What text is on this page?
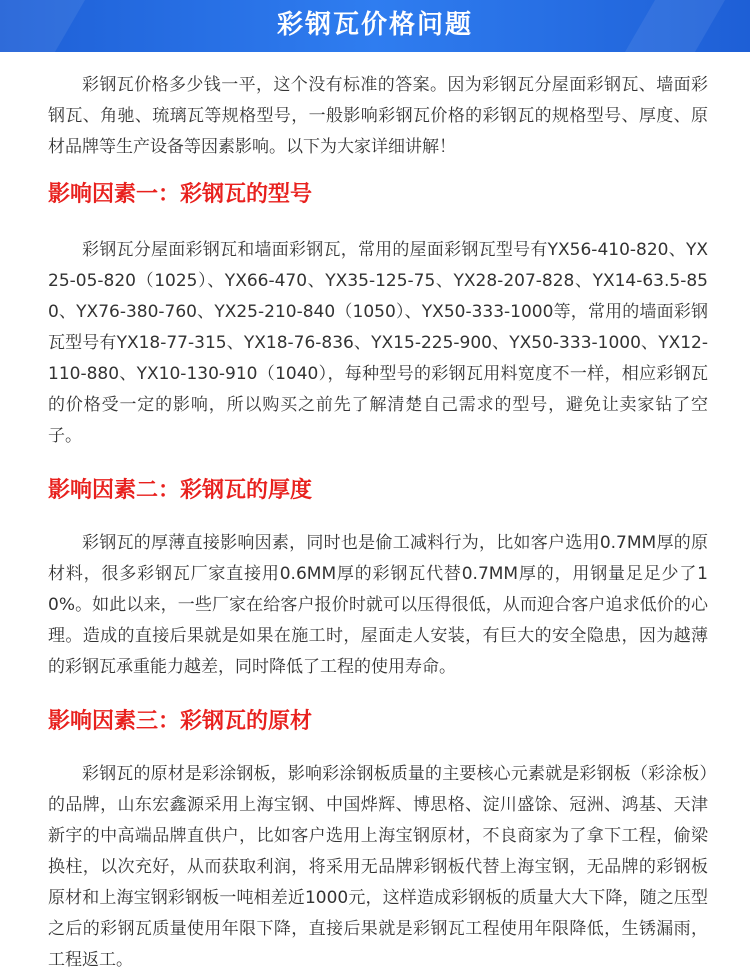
彩钢瓦价格问题

彩钢瓦价格多少钱一平，这个没有标准的答案。因为彩钢瓦分屋面彩钢瓦、墙面彩钢瓦、角驰、琉璃瓦等规格型号，一般影响彩钢瓦价格的彩钢瓦的规格型号、厚度、原材品牌等生产设备等因素影响。以下为大家详细讲解！

影响因素一：彩钢瓦的型号

彩钢瓦分屋面彩钢瓦和墙面彩钢瓦，常用的屋面彩钢瓦型号有YX56-410-820、YX25-05-820（1025）、YX66-470、YX35-125-75、YX28-207-828、YX14-63.5-850、YX76-380-760、YX25-210-840（1050）、YX50-333-1000等，常用的墙面彩钢瓦型号有YX18-77-315、YX18-76-836、YX15-225-900、YX50-333-1000、YX12-110-880、YX10-130-910（1040），每种型号的彩钢瓦用料宽度不一样，相应彩钢瓦的价格受一定的影响，所以购买之前先了解清楚自己需求的型号，避免让卖家钻了空子。

影响因素二：彩钢瓦的厚度

彩钢瓦的厚薄直接影响因素，同时也是偷工减料行为，比如客户选用0.7MM厚的原材料，很多彩钢瓦厂家直接用0.6MM厚的彩钢瓦代替0.7MM厚的，用钢量足足少了10%。如此以来，一些厂家在给客户报价时就可以压得很低，从而迎合客户追求低价的心理。造成的直接后果就是如果在施工时，屋面走人安装，有巨大的安全隐患，因为越薄的彩钢瓦承重能力越差，同时降低了工程的使用寿命。

影响因素三：彩钢瓦的原材

彩钢瓦的原材是彩涂钢板，影响彩涂钢板质量的主要核心元素就是彩钢板（彩涂板）的品牌，山东宏鑫源采用上海宝钢、中国烨辉、博思格、淀川盛馀、冠洲、鸿基、天津新宇的中高端品牌直供户，比如客户选用上海宝钢原材，不良商家为了拿下工程，偷梁换柱，以次充好，从而获取利润，将采用无品牌彩钢板代替上海宝钢，无品牌的彩钢板原材和上海宝钢彩钢板一吨相差近1000元，这样造成彩钢板的质量大大下降，随之压型之后的彩钢瓦质量使用年限下降，直接后果就是彩钢瓦工程使用年限降低，生锈漏雨，工程返工。
